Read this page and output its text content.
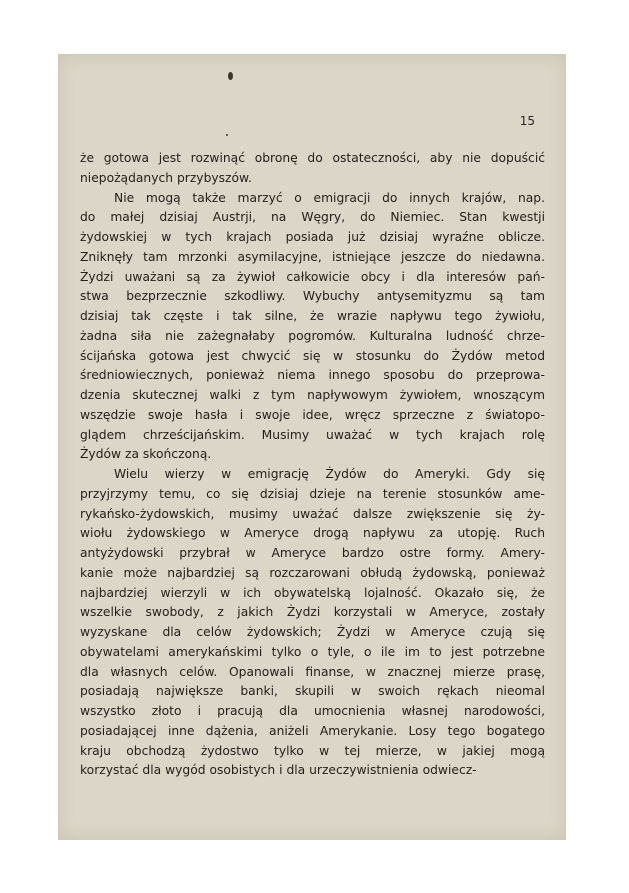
15
że gotowa jest rozwinąć obronę do ostateczności, aby nie dopuścić
niepożądanych przybyszów.
Nie mogą także marzyć o emigracji do innych krajów, nap.
do małej dzisiaj Austrji, na Węgry, do Niemiec. Stan kwestji
żydowskiej w tych krajach posiada już dzisiaj wyraźne oblicze.
Zniknęły tam mrzonki asymilacyjne, istniejące jeszcze do niedawna.
Żydzi uważani są za żywioł całkowicie obcy i dla interesów pań-
stwa bezprzecznie szkodliwy. Wybuchy antysemityzmu są tam
dzisiaj tak częste i tak silne, że wrazie napływu tego żywiołu,
żadna siła nie zażegnałaby pogromów. Kulturalna ludność chrze-
ścijańska gotowa jest chwycić się w stosunku do Żydów metod
średniowiecznych, ponieważ niema innego sposobu do przeprowa-
dzenia skutecznej walki z tym napływowym żywiołem, wnoszącym
wszędzie swoje hasła i swoje idee, wręcz sprzeczne z światopo-
glądem chrześcijańskim. Musimy uważać w tych krajach rolę
Żydów za skończoną.
Wielu wierzy w emigrację Żydów do Ameryki. Gdy się
przyjrzymy temu, co się dzisiaj dzieje na terenie stosunków ame-
rykańsko-żydowskich, musimy uważać dalsze zwiększenie się ży-
wiołu żydowskiego w Ameryce drogą napływu za utopję. Ruch
antyżydowski przybrał w Ameryce bardzo ostre formy. Amery-
kanie może najbardziej są rozczarowani obłudą żydowską, ponieważ
najbardziej wierzyli w ich obywatelską lojalność. Okazało się, że
wszelkie swobody, z jakich Żydzi korzystali w Ameryce, zostały
wyzyskane dla celów żydowskich; Żydzi w Ameryce czują się
obywatelami amerykańskimi tylko o tyle, o ile im to jest potrzebne
dla własnych celów. Opanowali finanse, w znacznej mierze prasę,
posiadają największe banki, skupili w swoich rękach nieomal
wszystko złoto i pracują dla umocnienia własnej narodowości,
posiadającej inne dążenia, aniżeli Amerykanie. Losy tego bogatego
kraju obchodzą żydostwo tylko w tej mierze, w jakiej mogą
korzystać dla wygód osobistych i dla urzeczywistnienia odwiecz-
